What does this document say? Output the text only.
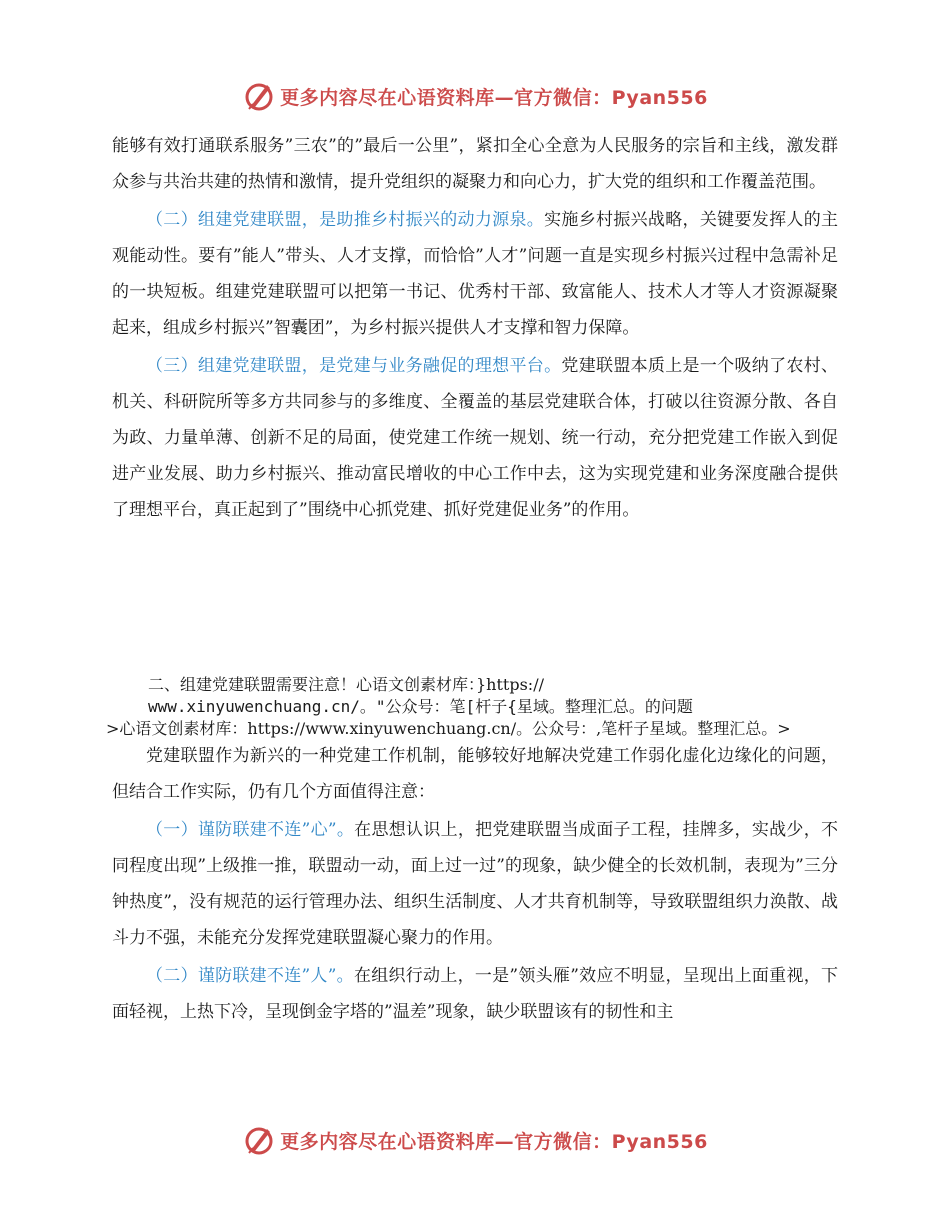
更多内容尽在心语资料库—官方微信：Pyan556

能够有效打通联系服务”三农”的”最后一公里”，紧扣全心全意为人民服务的宗旨和主线，激发群众参与共治共建的热情和激情，提升党组织的凝聚力和向心力，扩大党的组织和工作覆盖范围。

（二）组建党建联盟，是助推乡村振兴的动力源泉。实施乡村振兴战略，关键要发挥人的主观能动性。要有”能人”带头、人才支撑，而恰恰”人才”问题一直是实现乡村振兴过程中急需补足的一块短板。组建党建联盟可以把第一书记、优秀村干部、致富能人、技术人才等人才资源凝聚起来，组成乡村振兴”智囊团”，为乡村振兴提供人才支撑和智力保障。

（三）组建党建联盟，是党建与业务融促的理想平台。党建联盟本质上是一个吸纳了农村、机关、科研院所等多方共同参与的多维度、全覆盖的基层党建联合体，打破以往资源分散、各自为政、力量单薄、创新不足的局面，使党建工作统一规划、统一行动，充分把党建工作嵌入到促进产业发展、助力乡村振兴、推动富民增收的中心工作中去，这为实现党建和业务深度融合提供了理想平台，真正起到了”围绕中心抓党建、抓好党建促业务”的作用。

二、组建党建联盟需要注意！心语文创素材库：}https://
www.xinyuwenchuang.cn/。"公众号：笔[杆子{星域。整理汇总。的问题
>心语文创素材库：https://www.xinyuwenchuang.cn/。公众号：,笔杆子星域。整理汇总。>

党建联盟作为新兴的一种党建工作机制，能够较好地解决党建工作弱化虚化边缘化的问题，但结合工作实际，仍有几个方面值得注意：

（一）谨防联建不连”心”。在思想认识上，把党建联盟当成面子工程，挂牌多，实战少，不同程度出现”上级推一推，联盟动一动，面上过一过”的现象，缺少健全的长效机制，表现为”三分钟热度”，没有规范的运行管理办法、组织生活制度、人才共育机制等，导致联盟组织力涣散、战斗力不强，未能充分发挥党建联盟凝心聚力的作用。

（二）谨防联建不连”人”。在组织行动上，一是”领头雁”效应不明显，呈现出上面重视，下面轻视，上热下冷，呈现倒金字塔的”温差”现象，缺少联盟该有的韧性和主

更多内容尽在心语资料库—官方微信：Pyan556
